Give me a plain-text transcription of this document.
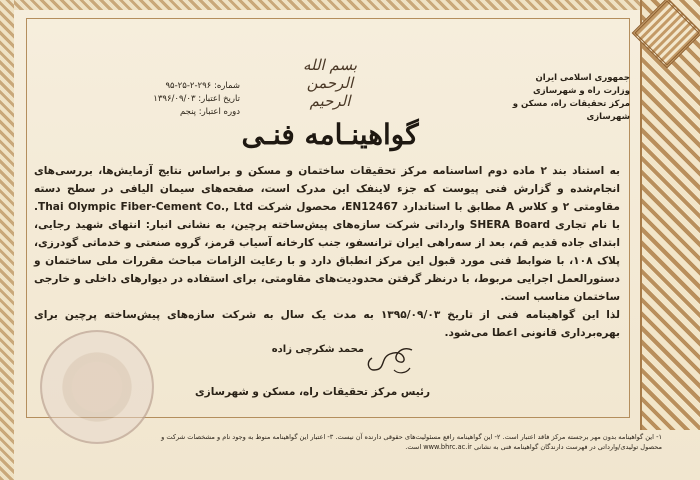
بسم الله الرحمن الرحیم
جمهوری اسلامی ایران
وزارت راه و شهرسازی
مرکز تحقیقات راه، مسکن و شهرسازی
شماره: ۲۹۶-۲-۲۵-۹۵
تاریخ اعتبار: ۱۳۹۶/۰۹/۰۳
دوره اعتبار: پنجم
گواهینـامه فنـی

به استناد بند ۲ ماده دوم اساسنامه مرکز تحقیقات ساختمان و مسکن و براساس نتایج آزمایش‌ها، بررسی‌های انجام‌شده و گزارش فنی پیوست که جزء لاینفک این مدرک است، صفحه‌های سیمان الیافی در سطح دسته مقاومتی ۲ و کلاس A مطابق با استاندارد EN12467، محصول شرکت Thai Olympic Fiber-Cement Co., Ltd. با نام تجاری SHERA Board وارداتی شرکت سازه‌های پیش‌ساخته پرچین، به نشانی انبار: انتهای شهید رجایی، ابتدای جاده قدیم قم، بعد از سه‌راهی ایران ترانسفو، جنب کارخانه آسیاب قرمز، گروه صنعتی و خدماتی گودرزی، پلاک ۱۰۸، با ضوابط فنی مورد قبول این مرکز انطباق دارد و با رعایت الزامات مباحث مقررات ملی ساختمان و دستورالعمل اجرایی مربوط، با درنظر گرفتن محدودیت‌های مقاومتی، برای استفاده در دیوارهای داخلی و خارجی ساختمان مناسب است.

لذا این گواهینامه فنی از تاریخ ۱۳۹۵/۰۹/۰۳ به مدت یک سال به شرکت سازه‌های پیش‌ساخته پرچین برای بهره‌برداری قانونی اعطا می‌شود.

محمد شکرچی زاده
رئیس مرکز تحقیقات راه، مسکن و شهرسازی
۱- این گواهینامه بدون مهر برجسته مرکز فاقد اعتبار است. ۲- این گواهینامه رافع مسئولیت‌های حقوقی دارنده آن نیست. ۳- اعتبار این گواهینامه منوط به وجود نام و مشخصات شرکت و
محصول تولیدی/وارداتی در فهرست دارندگان گواهینامه فنی به نشانی www.bhrc.ac.ir است.
